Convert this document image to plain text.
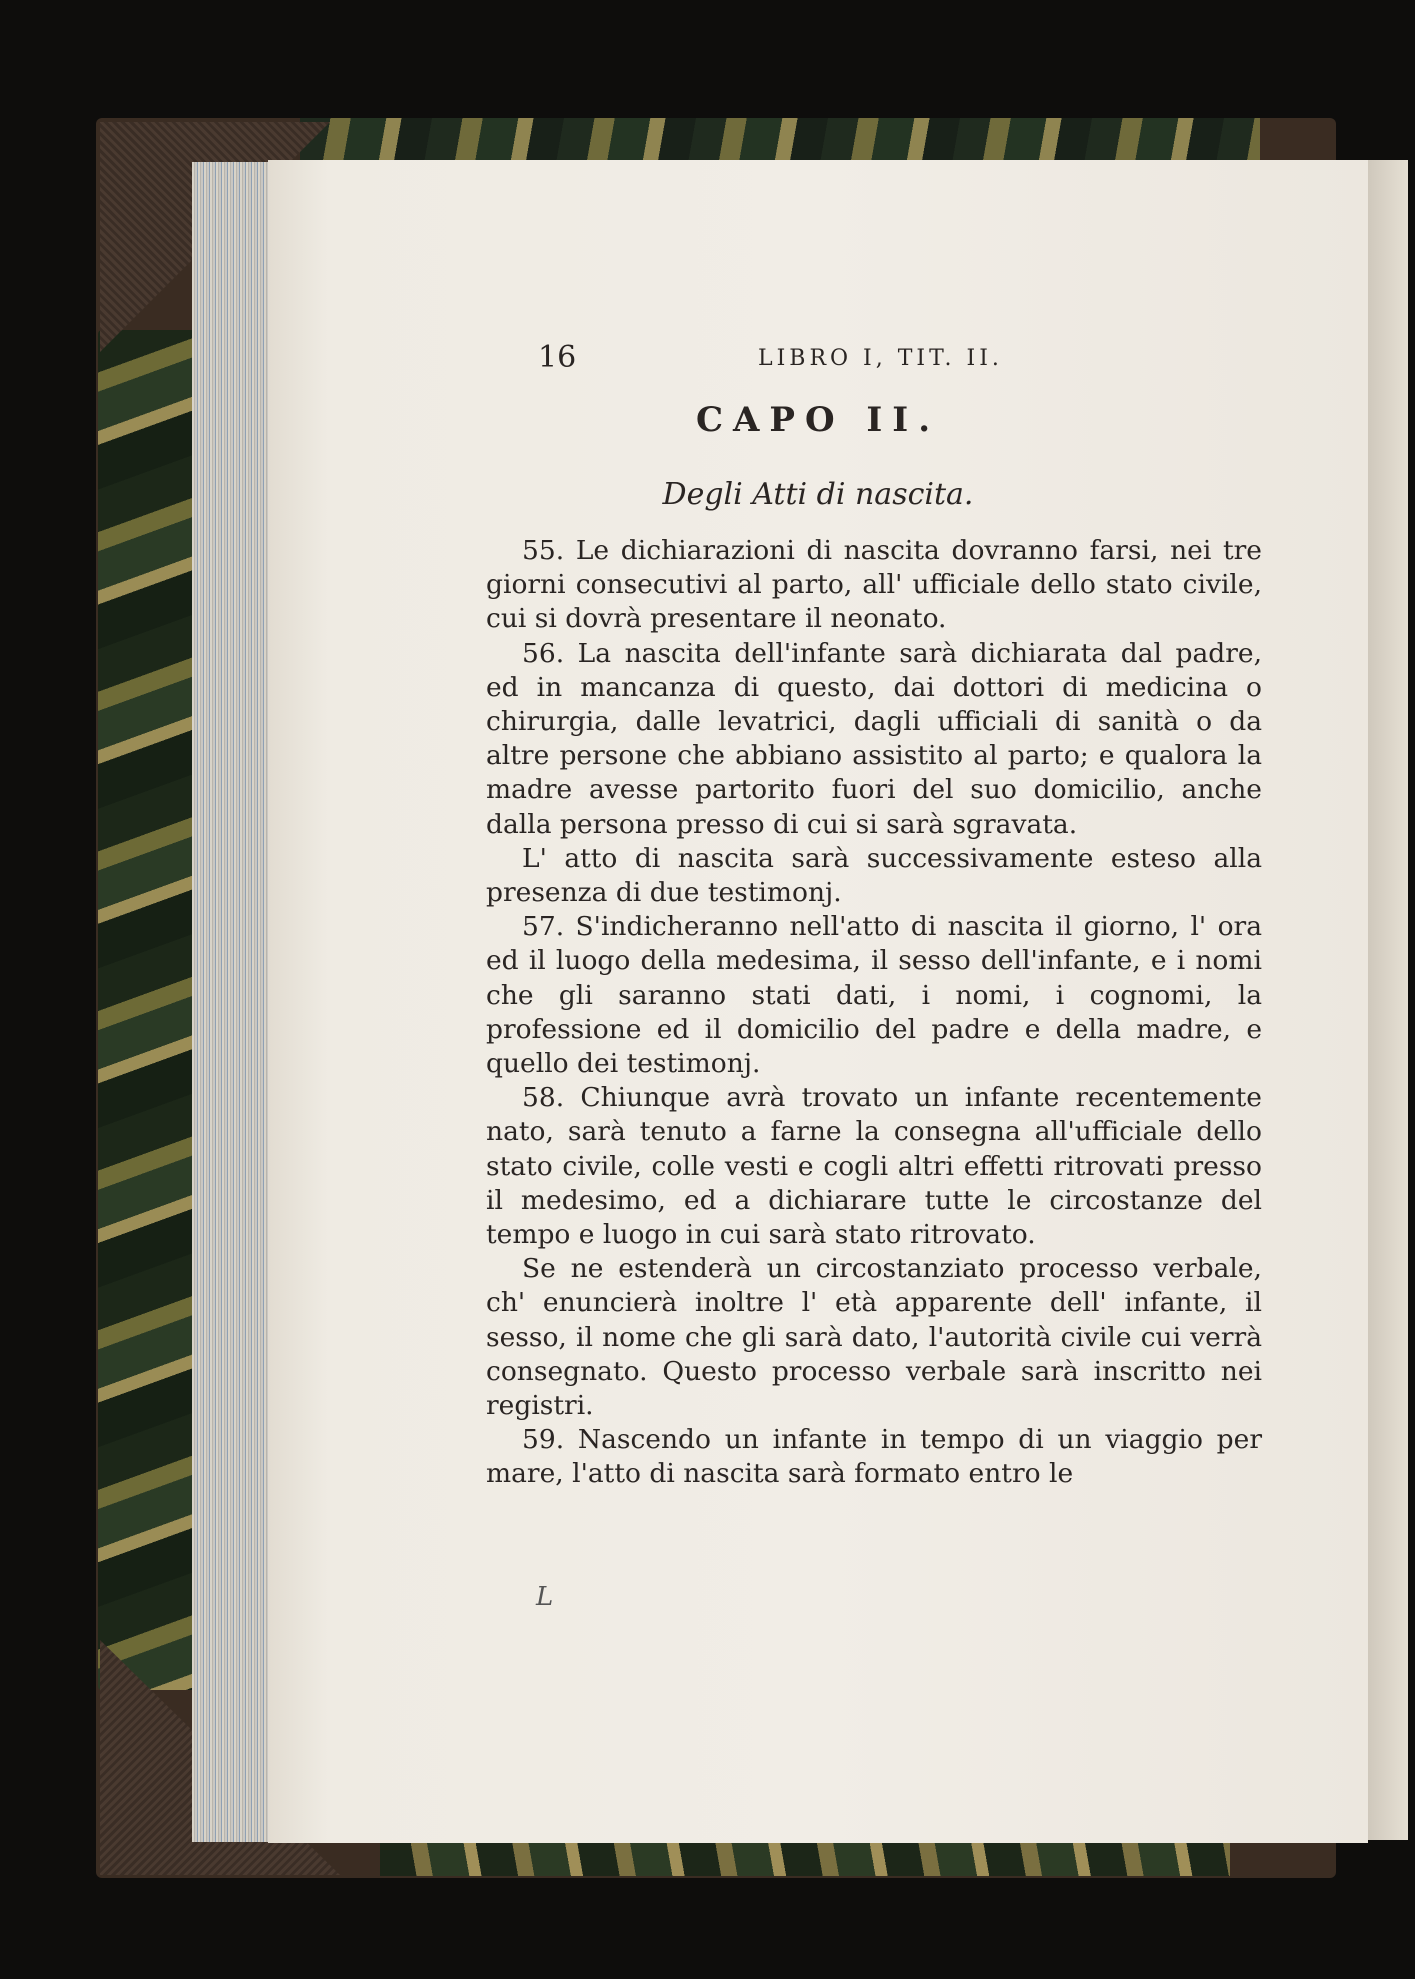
16	LIBRO I, TIT. II.
CAPO II.
Degli Atti di nascita.

55. Le dichiarazioni di nascita dovranno farsi, nei tre giorni consecutivi al parto, all' ufficiale dello stato civile, cui si dovrà presentare il neonato.

56. La nascita dell'infante sarà dichiarata dal padre, ed in mancanza di questo, dai dottori di medicina o chirurgia, dalle levatrici, dagli ufficiali di sanità o da altre persone che abbiano assistito al parto; e qualora la madre avesse partorito fuori del suo domicilio, anche dalla persona presso di cui si sarà sgravata.

L' atto di nascita sarà successivamente esteso alla presenza di due testimonj.

57. S'indicheranno nell'atto di nascita il giorno, l' ora ed il luogo della medesima, il sesso dell'infante, e i nomi che gli saranno stati dati, i nomi, i cognomi, la professione ed il domicilio del padre e della madre, e quello dei testimonj.

58. Chiunque avrà trovato un infante recentemente nato, sarà tenuto a farne la consegna all'ufficiale dello stato civile, colle vesti e cogli altri effetti ritrovati presso il medesimo, ed a dichiarare tutte le circostanze del tempo e luogo in cui sarà stato ritrovato.

Se ne estenderà un circostanziato processo verbale, ch' enuncierà inoltre l' età apparente dell' infante, il sesso, il nome che gli sarà dato, l'autorità civile cui verrà consegnato. Questo processo verbale sarà inscritto nei registri.

59. Nascendo un infante in tempo di un viaggio per mare, l'atto di nascita sarà formato entro le

L
